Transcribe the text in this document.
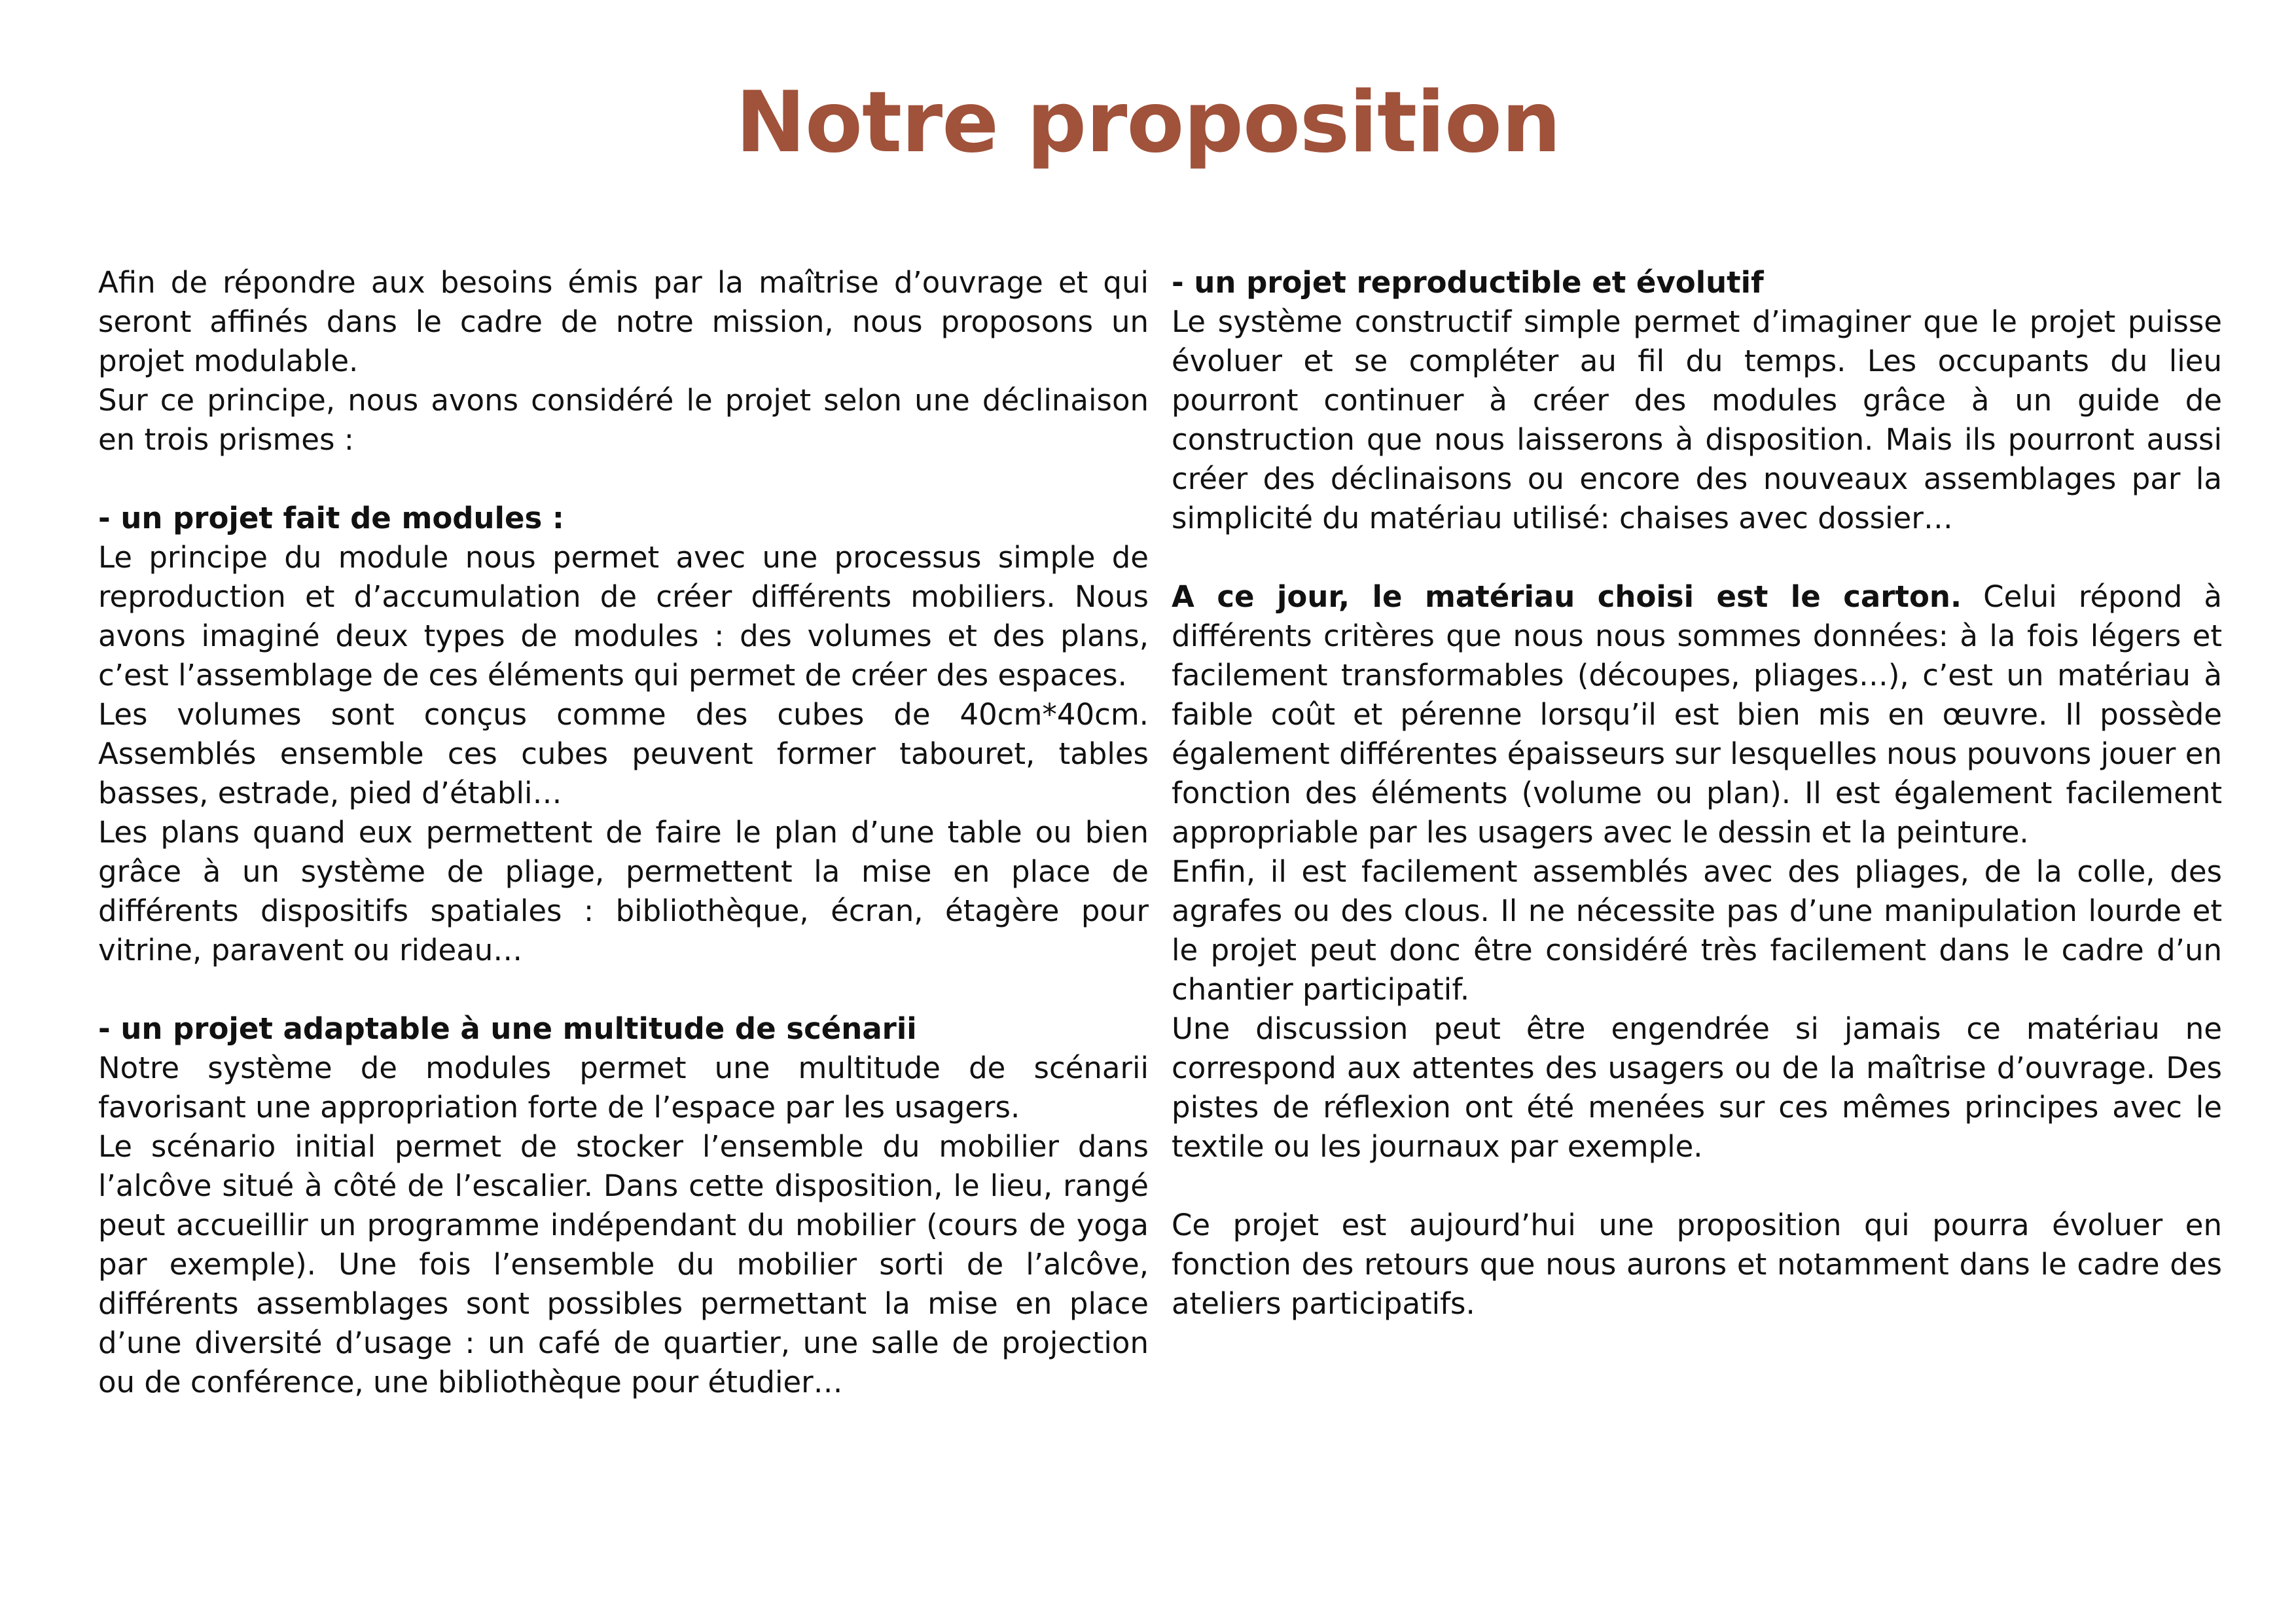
Notre proposition

Afin de répondre aux besoins émis par la maîtrise d’ouvrage et qui seront affinés dans le cadre de notre mission, nous proposons un projet modulable.

Sur ce principe, nous avons considéré le projet selon une déclinaison en trois prismes :

- un projet fait de modules :

Le principe du module nous permet avec une processus simple de reproduction et d’accumulation de créer différents mobiliers. Nous avons imaginé deux types de modules : des volumes et des plans, c’est l’assemblage de ces éléments qui permet de créer des espaces.

Les volumes sont conçus comme des cubes de 40cm*40cm. Assemblés ensemble ces cubes peuvent former tabouret, tables basses, estrade, pied d’établi…

Les plans quand eux permettent de faire le plan d’une table ou bien grâce à un système de pliage, permettent la mise en place de différents dispositifs spatiales : bibliothèque, écran, étagère pour vitrine, paravent ou rideau…

- un projet adaptable à une multitude de scénarii

Notre système de modules permet une multitude de scénarii favorisant une appropriation forte de l’espace par les usagers.

Le scénario initial permet de stocker l’ensemble du mobilier dans l’alcôve situé à côté de l’escalier. Dans cette disposition, le lieu, rangé peut accueillir un programme indépendant du mobilier (cours de yoga par exemple). Une fois l’ensemble du mobilier sorti de l’alcôve, différents assemblages sont possibles permettant la mise en place d’une diversité d’usage : un café de quartier, une salle de projection ou de conférence, une bibliothèque pour étudier…

- un projet reproductible et évolutif

Le système constructif simple permet d’imaginer que le projet puisse évoluer et se compléter au fil du temps. Les occupants du lieu pourront continuer à créer des modules grâce à un guide de construction que nous laisserons à disposition. Mais ils pourront aussi créer des déclinaisons ou encore des nouveaux assemblages par la simplicité du matériau utilisé: chaises avec dossier…

A ce jour, le matériau choisi est le carton. Celui répond à différents critères que nous nous sommes données: à la fois légers et facilement transformables (découpes, pliages…), c’est un matériau à faible coût et pérenne lorsqu’il est bien mis en œuvre. Il possède également différentes épaisseurs sur lesquelles nous pouvons jouer en fonction des éléments (volume ou plan). Il est également facilement appropriable par les usagers avec le dessin et la peinture.

Enfin, il est facilement assemblés avec des pliages, de la colle, des agrafes ou des clous. Il ne nécessite pas d’une manipulation lourde et le projet peut donc être considéré très facilement dans le cadre d’un chantier participatif.

Une discussion peut être engendrée si jamais ce matériau ne correspond aux attentes des usagers ou de la maîtrise d’ouvrage. Des pistes de réflexion ont été menées sur ces mêmes principes avec le textile ou les journaux par exemple.

Ce projet est aujourd’hui une proposition qui pourra évoluer en fonction des retours que nous aurons et notamment dans le cadre des ateliers participatifs.
